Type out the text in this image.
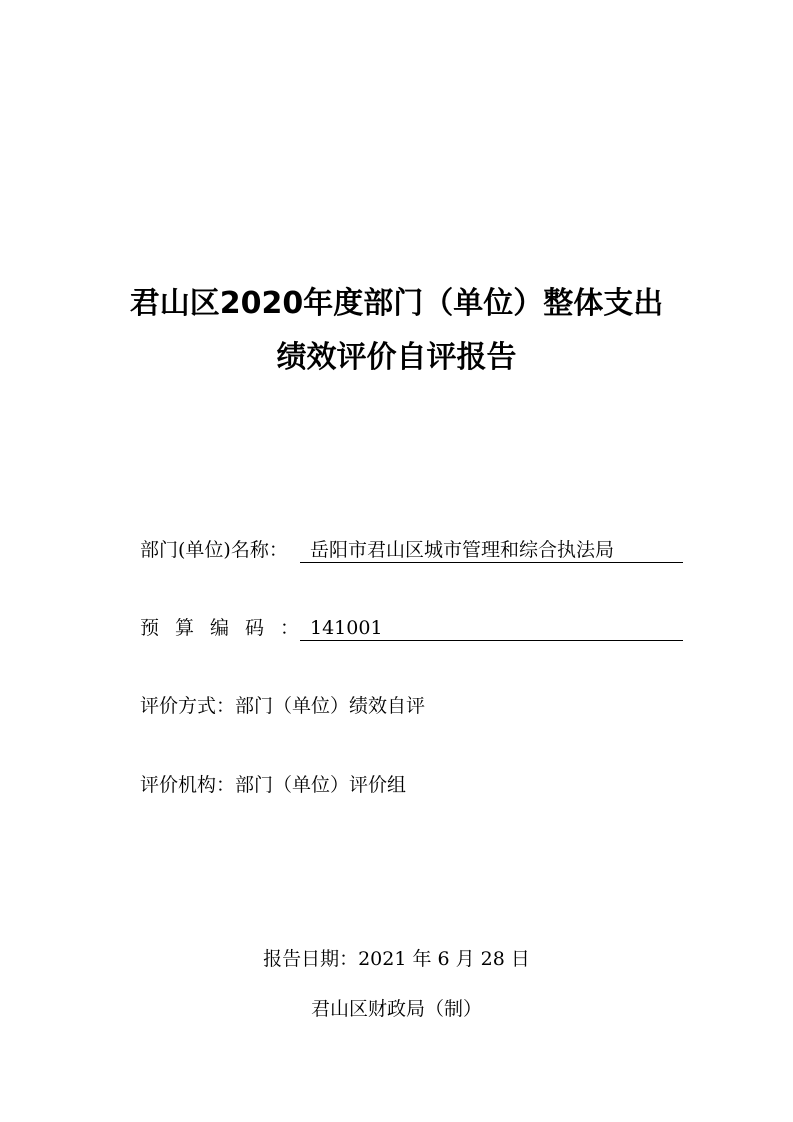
君山区2020年度部门（单位）整体支出
绩效评价自评报告
部门(单位)名称：	岳阳市君山区城市管理和综合执法局
预算编码：
141001
评价方式：部门（单位）绩效自评
评价机构：部门（单位）评价组
报告日期：2021 年 6 月 28 日
君山区财政局（制）
